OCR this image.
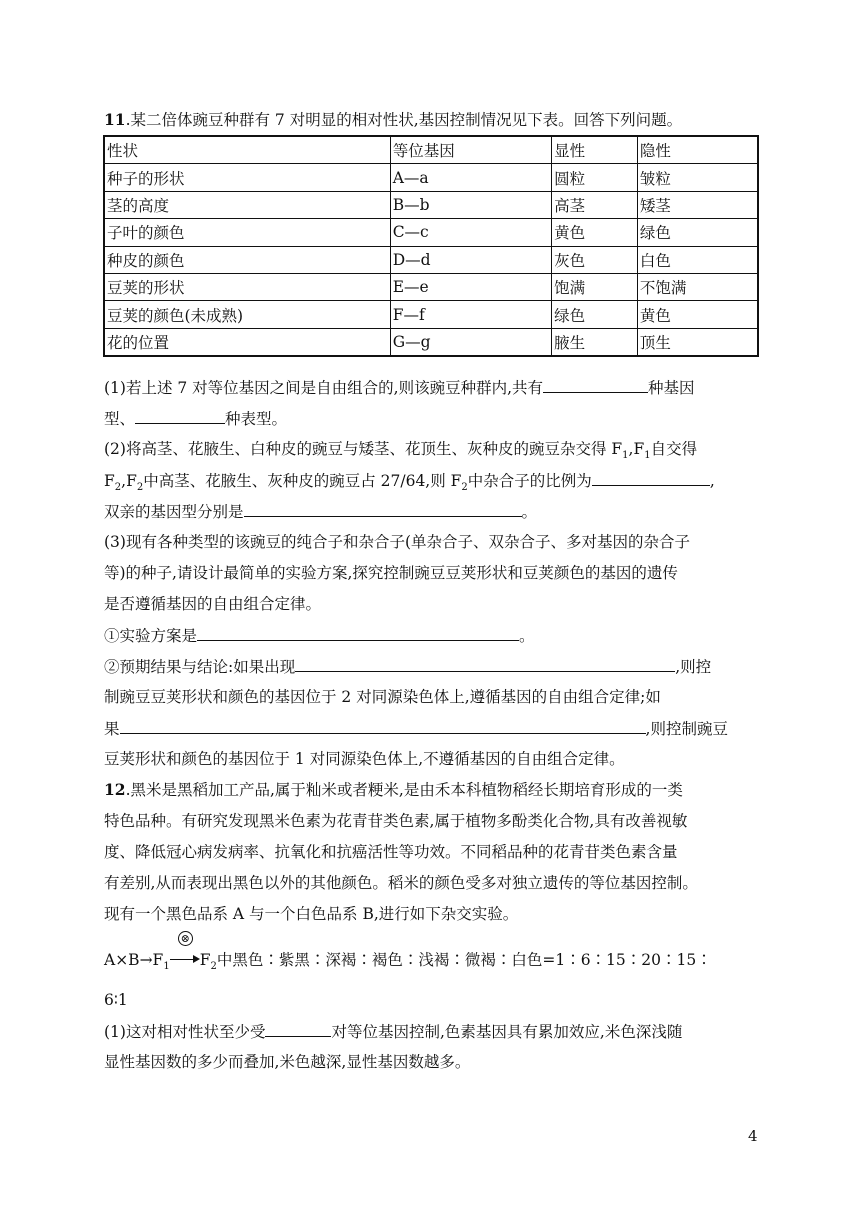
11.某二倍体豌豆种群有 7 对明显的相对性状,基因控制情况见下表。回答下列问题。
性状	等位基因	显性	隐性
种子的形状	A—a	圆粒	皱粒
茎的高度	B—b	高茎	矮茎
子叶的颜色	C—c	黄色	绿色
种皮的颜色	D—d	灰色	白色
豆荚的形状	E—e	饱满	不饱满
豆荚的颜色(未成熟)	F—f	绿色	黄色
花的位置	G—g	腋生	顶生
(1)若上述 7 对等位基因之间是自由组合的,则该豌豆种群内,共有	种基因
型、	种表型。
(2)将高茎、花腋生、白种皮的豌豆与矮茎、花顶生、灰种皮的豌豆杂交得 $F_1,F_1$自交得
$F_2,F_2$中高茎、花腋生、灰种皮的豌豆占 27/64,则 $F_2$中杂合子的比例为	,
双亲的基因型分别是	。
(3)现有各种类型的该豌豆的纯合子和杂合子(单杂合子、双杂合子、多对基因的杂合子
等)的种子,请设计最简单的实验方案,探究控制豌豆豆荚形状和豆荚颜色的基因的遗传
是否遵循基因的自由组合定律。
①实验方案是	。
②预期结果与结论:如果出现	,则控
制豌豆豆荚形状和颜色的基因位于 2 对同源染色体上,遵循基因的自由组合定律;如
果	,则控制豌豆
豆荚形状和颜色的基因位于 1 对同源染色体上,不遵循基因的自由组合定律。
12.黑米是黑稻加工产品,属于籼米或者粳米,是由禾本科植物稻经长期培育形成的一类
特色品种。有研究发现黑米色素为花青苷类色素,属于植物多酚类化合物,具有改善视敏
度、降低冠心病发病率、抗氧化和抗癌活性等功效。不同稻品种的花青苷类色素含量
有差别,从而表现出黑色以外的其他颜色。稻米的颜色受多对独立遗传的等位基因控制。
现有一个黑色品系 A 与一个白色品系 B,进行如下杂交实验。
$A\times B\to F_1$
⊗
$F_2$中黑色∶紫黑∶深褐∶褐色∶浅褐∶微褐∶白色=1∶6∶15∶20∶15∶
6∶1
(1)这对相对性状至少受	对等位基因控制,色素基因具有累加效应,米色深浅随
显性基因数的多少而叠加,米色越深,显性基因数越多。
4
